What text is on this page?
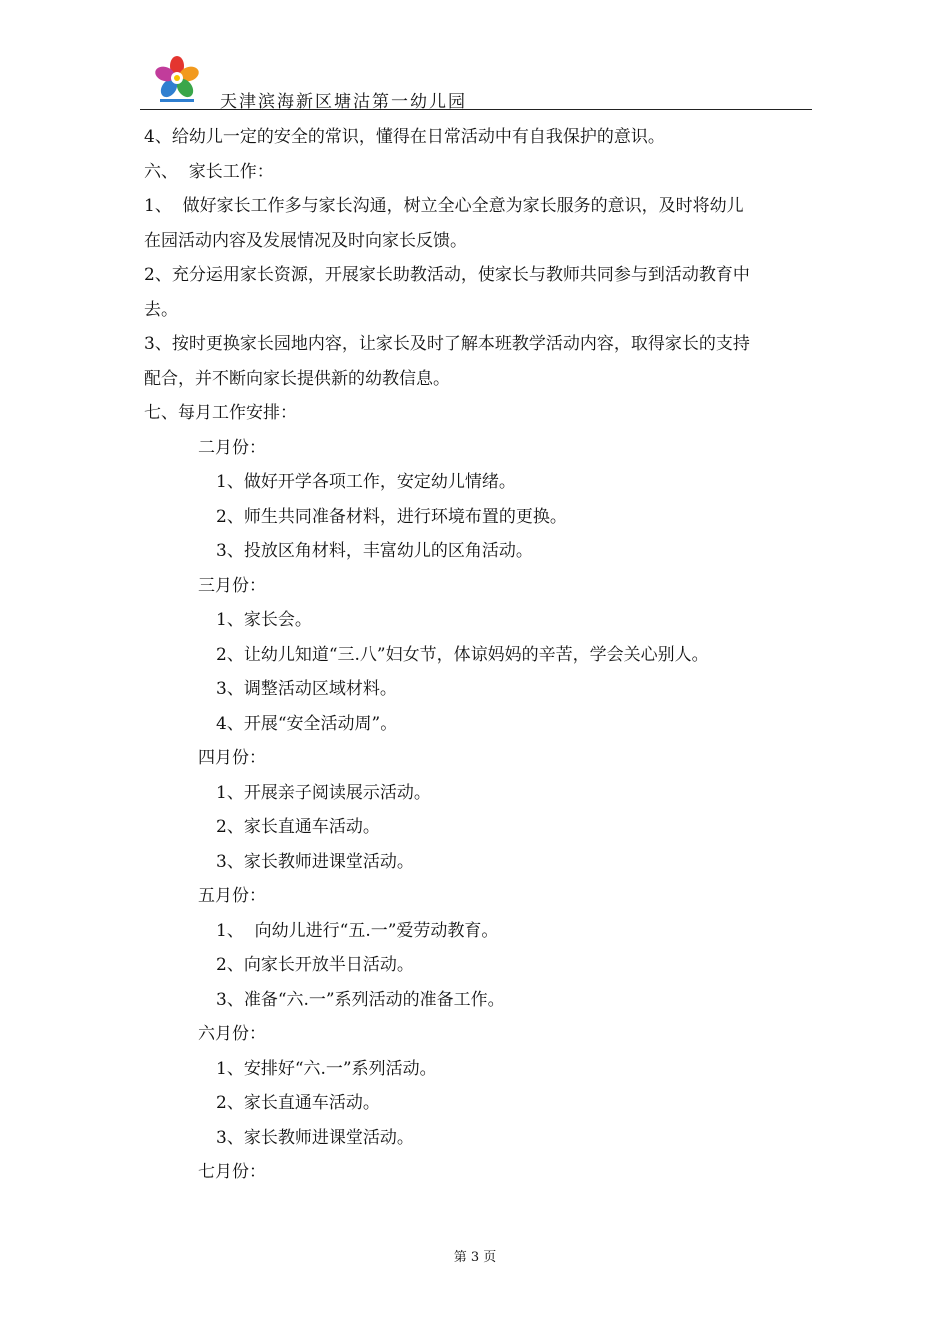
天津滨海新区塘沽第一幼儿园
4、给幼儿一定的安全的常识，懂得在日常活动中有自我保护的意识。
六、  家长工作：
1、  做好家长工作多与家长沟通，树立全心全意为家长服务的意识，及时将幼儿
在园活动内容及发展情况及时向家长反馈。
2、充分运用家长资源，开展家长助教活动，使家长与教师共同参与到活动教育中
去。
3、按时更换家长园地内容，让家长及时了解本班教学活动内容，取得家长的支持
配合，并不断向家长提供新的幼教信息。
七、每月工作安排：
二月份：
1、做好开学各项工作，安定幼儿情绪。
2、师生共同准备材料，进行环境布置的更换。
3、投放区角材料，丰富幼儿的区角活动。
三月份：
1、家长会。
2、让幼儿知道“三.八”妇女节，体谅妈妈的辛苦，学会关心别人。
3、调整活动区域材料。
4、开展“安全活动周”。
四月份：
1、开展亲子阅读展示活动。
2、家长直通车活动。
3、家长教师进课堂活动。
五月份：
1、  向幼儿进行“五.一”爱劳动教育。
2、向家长开放半日活动。
3、准备“六.一”系列活动的准备工作。
六月份：
1、安排好“六.一”系列活动。
2、家长直通车活动。
3、家长教师进课堂活动。
七月份：
第 3 页
